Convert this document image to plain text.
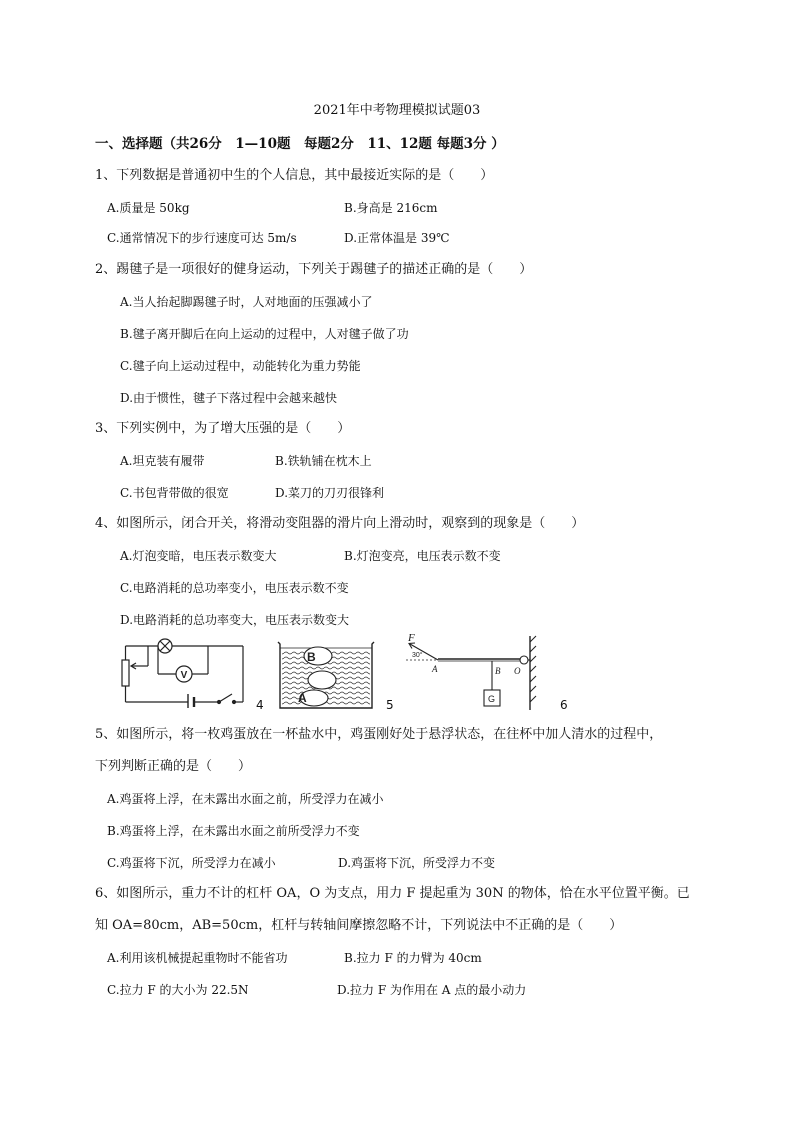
2021年中考物理模拟试题03
一、选择题（共26分　1—10题　每题2分　11、12题 每题3分 ）
1、下列数据是普通初中生的个人信息，其中最接近实际的是（　　）
A.质量是 50kg	B.身高是 216cm
C.通常情况下的步行速度可达 5m/s	D.正常体温是 39℃
2、踢毽子是一项很好的健身运动，下列关于踢毽子的描述正确的是（　　）
A.当人抬起脚踢毽子时，人对地面的压强减小了
B.毽子离开脚后在向上运动的过程中，人对毽子做了功
C.毽子向上运动过程中，动能转化为重力势能
D.由于惯性，毽子下落过程中会越来越快
3、下列实例中，为了增大压强的是（　　）
A.坦克装有履带	B.铁轨铺在枕木上
C.书包背带做的很宽	D.菜刀的刀刃很锋利
4、如图所示，闭合开关，将滑动变阻器的滑片向上滑动时，观察到的现象是（　　）
A.灯泡变暗，电压表示数变大	B.灯泡变亮，电压表示数不变
C.电路消耗的总功率变小，电压表示数不变
D.电路消耗的总功率变大，电压表示数变大
V
4
B
A	5
F
30°
A	B O
G	6
5、如图所示，将一枚鸡蛋放在一杯盐水中，鸡蛋刚好处于悬浮状态，在往杯中加人清水的过程中，
下列判断正确的是（　　）
A.鸡蛋将上浮，在未露出水面之前，所受浮力在减小
B.鸡蛋将上浮，在未露出水面之前所受浮力不变
C.鸡蛋将下沉，所受浮力在减小	D.鸡蛋将下沉，所受浮力不变
6、如图所示，重力不计的杠杆 OA，O 为支点，用力 F 提起重为 30N 的物体，恰在水平位置平衡。已
知 OA=80cm，AB=50cm，杠杆与转轴间摩擦忽略不计，下列说法中不正确的是（　　）
A.利用该机械提起重物时不能省功	B.拉力 F 的力臂为 40cm
C.拉力 F 的大小为 22.5N	D.拉力 F 为作用在 A 点的最小动力
